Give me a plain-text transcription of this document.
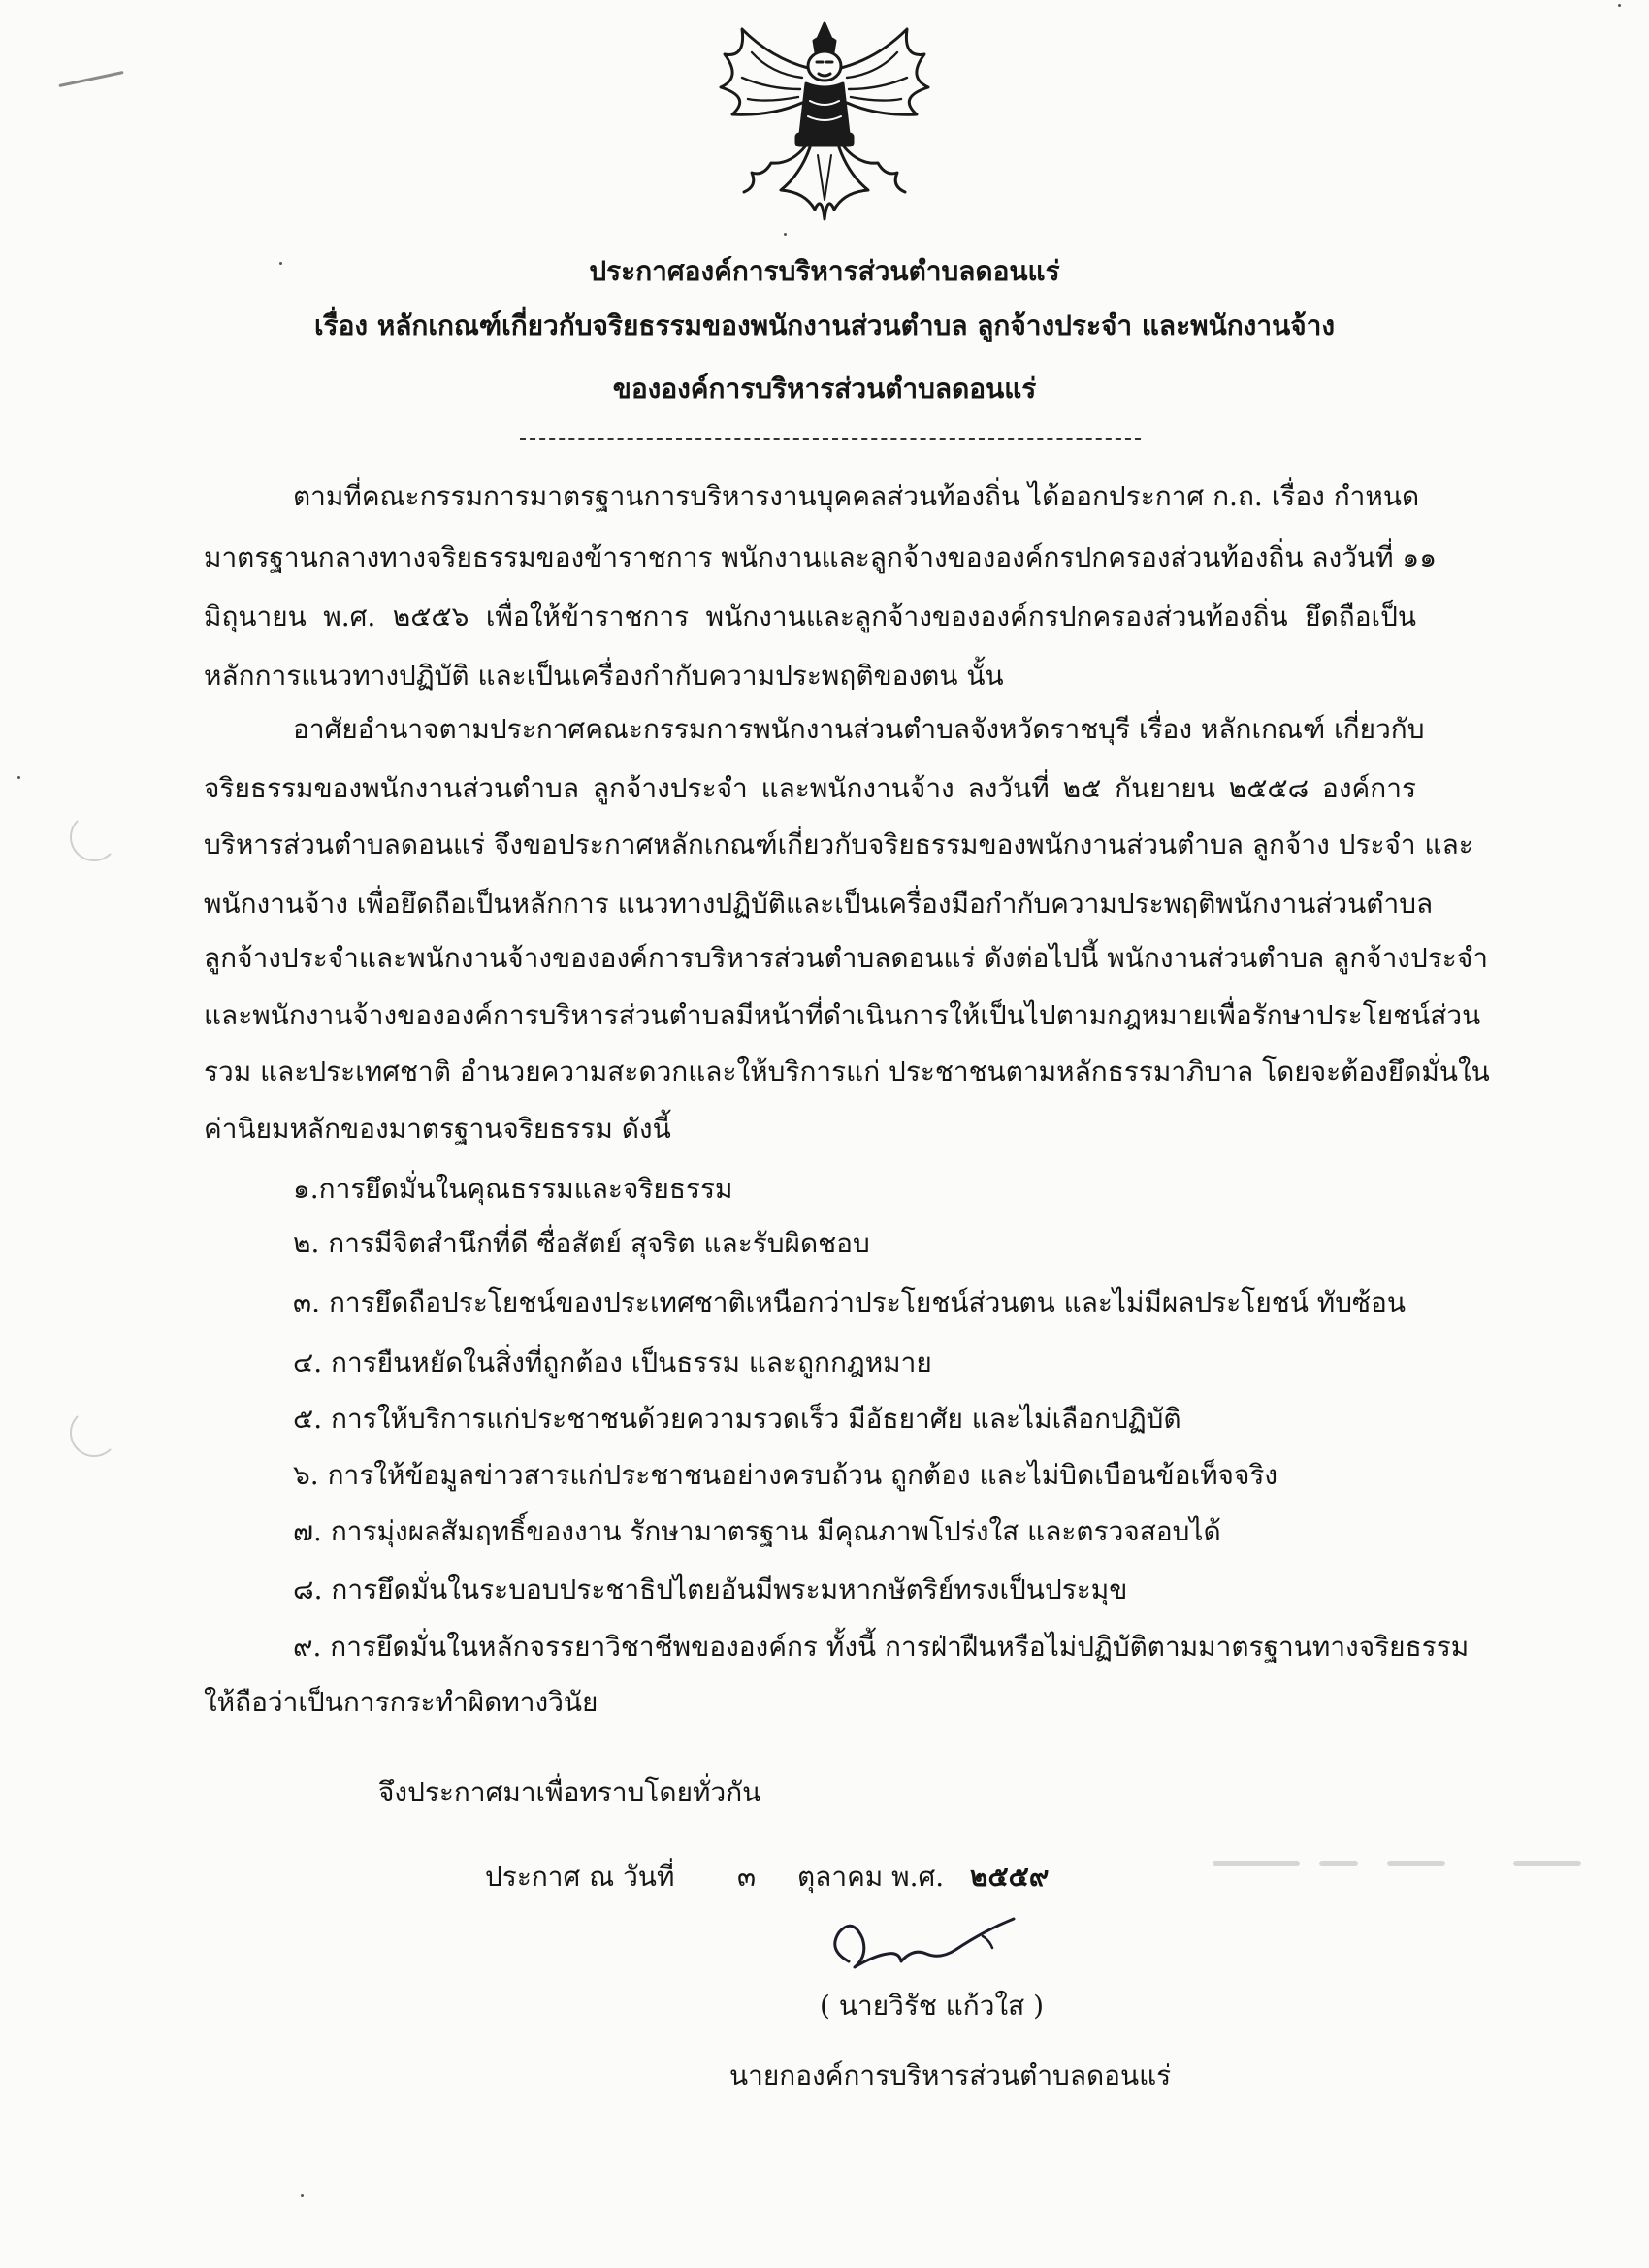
ประกาศองค์การบริหารส่วนตำบลดอนแร่
เรื่อง หลักเกณฑ์เกี่ยวกับจริยธรรมของพนักงานส่วนตำบล ลูกจ้างประจำ และพนักงานจ้าง
ขององค์การบริหารส่วนตำบลดอนแร่
ตามที่คณะกรรมการมาตรฐานการบริหารงานบุคคลส่วนท้องถิ่น ได้ออกประกาศ ก.ถ. เรื่อง กำหนด
มาตรฐานกลางทางจริยธรรมของข้าราชการ พนักงานและลูกจ้างขององค์กรปกครองส่วนท้องถิ่น ลงวันที่ ๑๑
มิถุนายน พ.ศ. ๒๕๕๖ เพื่อให้ข้าราชการ พนักงานและลูกจ้างขององค์กรปกครองส่วนท้องถิ่น ยึดถือเป็น
หลักการแนวทางปฏิบัติ และเป็นเครื่องกำกับความประพฤติของตน นั้น
อาศัยอำนาจตามประกาศคณะกรรมการพนักงานส่วนตำบลจังหวัดราชบุรี เรื่อง หลักเกณฑ์ เกี่ยวกับ
จริยธรรมของพนักงานส่วนตำบล ลูกจ้างประจำ และพนักงานจ้าง ลงวันที่ ๒๕ กันยายน ๒๕๕๘ องค์การ
บริหารส่วนตำบลดอนแร่ จึงขอประกาศหลักเกณฑ์เกี่ยวกับจริยธรรมของพนักงานส่วนตำบล ลูกจ้าง ประจำ และ
พนักงานจ้าง เพื่อยึดถือเป็นหลักการ แนวทางปฏิบัติและเป็นเครื่องมือกำกับความประพฤติพนักงานส่วนตำบล
ลูกจ้างประจำและพนักงานจ้างขององค์การบริหารส่วนตำบลดอนแร่ ดังต่อไปนี้ พนักงานส่วนตำบล ลูกจ้างประจำ
และพนักงานจ้างขององค์การบริหารส่วนตำบลมีหน้าที่ดำเนินการให้เป็นไปตามกฎหมายเพื่อรักษาประโยชน์ส่วน
รวม และประเทศชาติ อำนวยความสะดวกและให้บริการแก่ ประชาชนตามหลักธรรมาภิบาล โดยจะต้องยึดมั่นใน
ค่านิยมหลักของมาตรฐานจริยธรรม ดังนี้
๑.การยึดมั่นในคุณธรรมและจริยธรรม
๒. การมีจิตสำนึกที่ดี ซื่อสัตย์ สุจริต และรับผิดชอบ
๓. การยึดถือประโยชน์ของประเทศชาติเหนือกว่าประโยชน์ส่วนตน และไม่มีผลประโยชน์ ทับซ้อน
๔. การยืนหยัดในสิ่งที่ถูกต้อง เป็นธรรม และถูกกฎหมาย
๕. การให้บริการแก่ประชาชนด้วยความรวดเร็ว มีอัธยาศัย และไม่เลือกปฏิบัติ
๖. การให้ข้อมูลข่าวสารแก่ประชาชนอย่างครบถ้วน ถูกต้อง และไม่บิดเบือนข้อเท็จจริง
๗. การมุ่งผลสัมฤทธิ์ของงาน รักษามาตรฐาน มีคุณภาพโปร่งใส และตรวจสอบได้
๘. การยึดมั่นในระบอบประชาธิปไตยอันมีพระมหากษัตริย์ทรงเป็นประมุข
๙. การยึดมั่นในหลักจรรยาวิชาชีพขององค์กร ทั้งนี้ การฝ่าฝืนหรือไม่ปฏิบัติตามมาตรฐานทางจริยธรรม
ให้ถือว่าเป็นการกระทำผิดทางวินัย
จึงประกาศมาเพื่อทราบโดยทั่วกัน
ประกาศ ณ วันที่ ๓ ตุลาคม พ.ศ. ๒๕๕๙
( นายวิรัช แก้วใส )
นายกองค์การบริหารส่วนตำบลดอนแร่
